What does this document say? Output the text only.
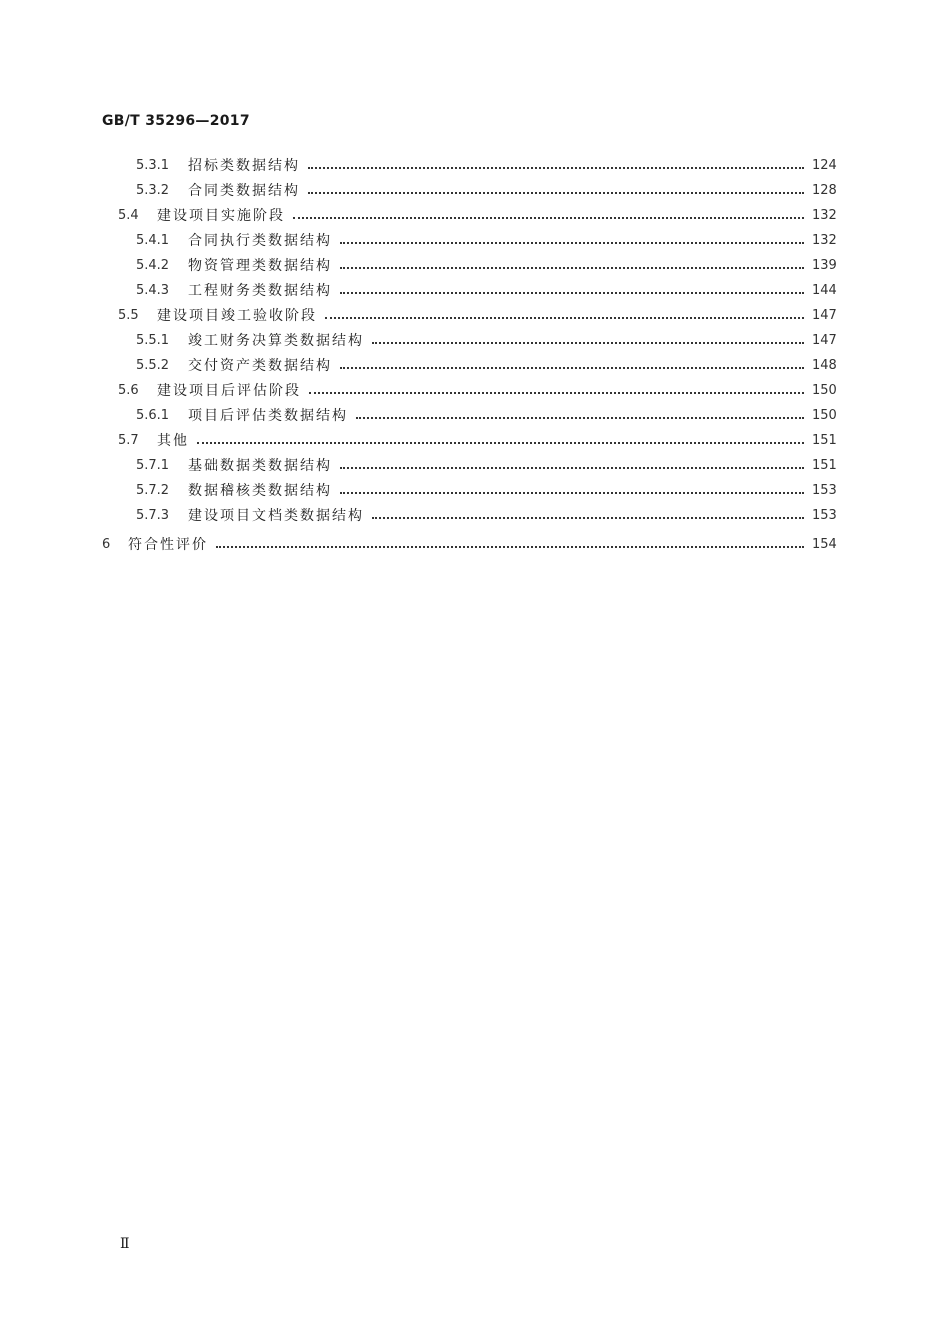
GB/T 35296—2017
5.3.1	招标类数据结构	124
5.3.2	合同类数据结构	128
5.4	建设项目实施阶段	132
5.4.1	合同执行类数据结构	132
5.4.2	物资管理类数据结构	139
5.4.3	工程财务类数据结构	144
5.5	建设项目竣工验收阶段	147
5.5.1	竣工财务决算类数据结构	147
5.5.2	交付资产类数据结构	148
5.6	建设项目后评估阶段	150
5.6.1	项目后评估类数据结构	150
5.7	其他	151
5.7.1	基础数据类数据结构	151
5.7.2	数据稽核类数据结构	153
5.7.3	建设项目文档类数据结构	153
6	符合性评价	154
Ⅱ
